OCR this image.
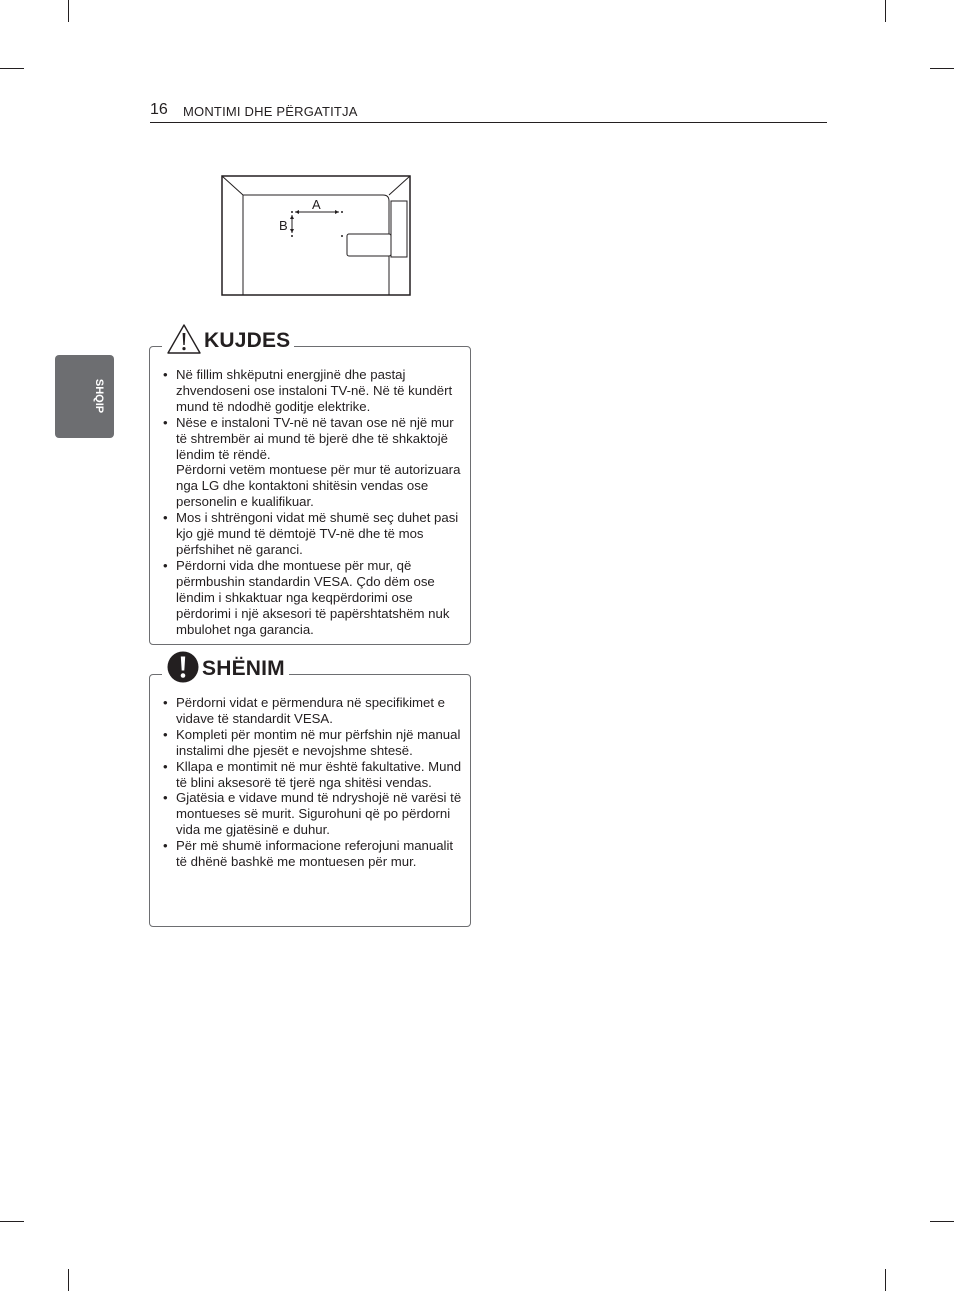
16 MONTIMI DHE PËRGATITJA
SHQIP
A
B
KUJDES
• Në fillim shkëputni energjinë dhe pastaj zhvendoseni ose instaloni TV-në. Në të kundërt mund të ndodhë goditje elektrike.
• Nëse e instaloni TV-në në tavan ose në një mur të shtrembër ai mund të bjerë dhe të shkaktojë lëndim të rëndë.
Përdorni vetëm montuese për mur të autorizuara nga LG dhe kontaktoni shitësin vendas ose personelin e kualifikuar.
• Mos i shtrëngoni vidat më shumë seç duhet pasi kjo gjë mund të dëmtojë TV-në dhe të mos përfshihet në garanci.
• Përdorni vida dhe montuese për mur, që përmbushin standardin VESA. Çdo dëm ose lëndim i shkaktuar nga keqpërdorimi ose përdorimi i një aksesori të papërshtatshëm nuk mbulohet nga garancia.
SHËNIM
• Përdorni vidat e përmendura në specifikimet e vidave të standardit VESA.
• Kompleti për montim në mur përfshin një manual instalimi dhe pjesët e nevojshme shtesë.
• Kllapa e montimit në mur është fakultative. Mund të blini aksesorë të tjerë nga shitësi vendas.
• Gjatësia e vidave mund të ndryshojë në varësi të montueses së murit. Sigurohuni që po përdorni vida me gjatësinë e duhur.
• Për më shumë informacione referojuni manualit të dhënë bashkë me montuesen për mur.
